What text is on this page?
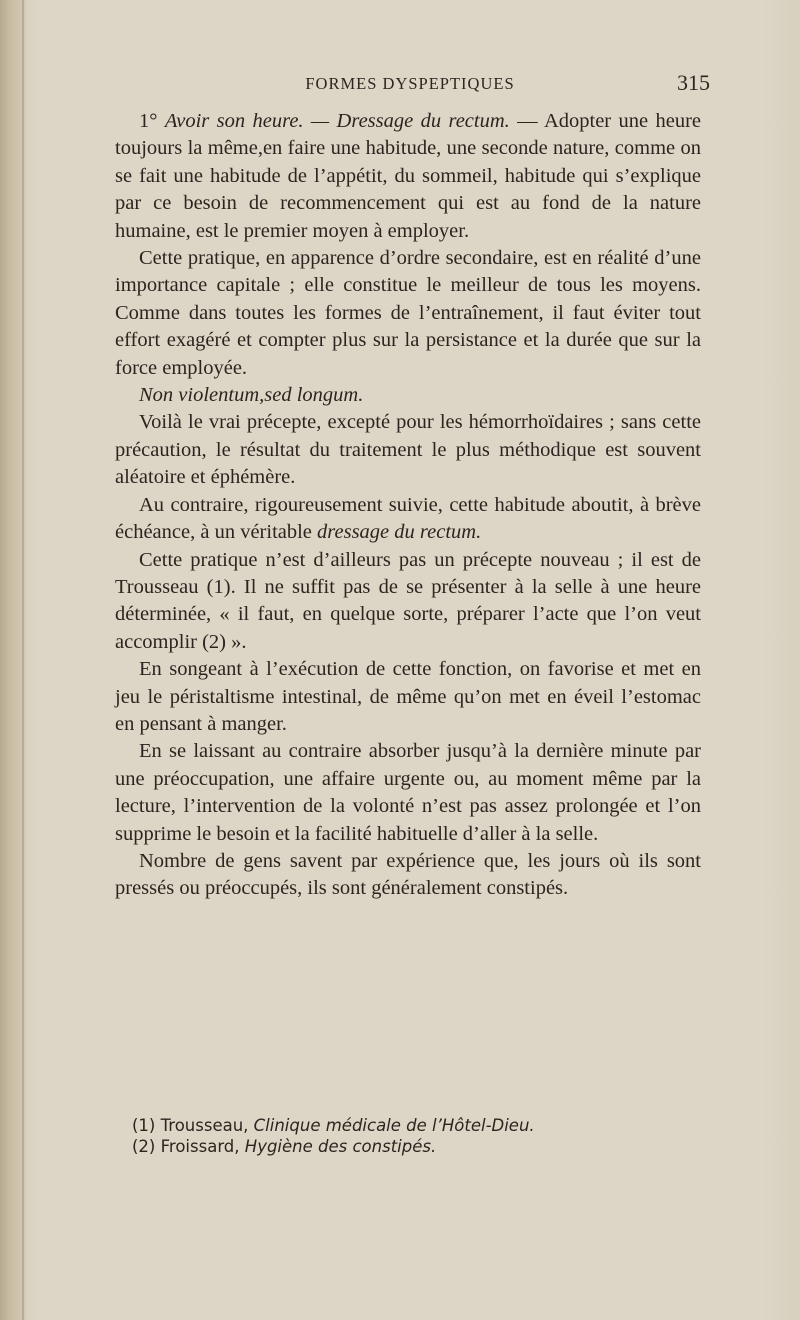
FORMES DYSPEPTIQUES	315

1° Avoir son heure. — Dressage du rectum. — Adopter une heure toujours la même,en faire une habitude, une seconde nature, comme on se fait une habitude de l’appétit, du sommeil, habitude qui s’explique par ce besoin de recommencement qui est au fond de la nature humaine, est le premier moyen à employer.

Cette pratique, en apparence d’ordre secondaire, est en réalité d’une importance capitale ; elle constitue le meilleur de tous les moyens. Comme dans toutes les formes de l’entraînement, il faut éviter tout effort exagéré et compter plus sur la persistance et la durée que sur la force employée.

Non violentum,sed longum.

Voilà le vrai précepte, excepté pour les hémorrhoïdaires ; sans cette précaution, le résultat du traitement le plus méthodique est souvent aléatoire et éphémère.

Au contraire, rigoureusement suivie, cette habitude aboutit, à brève échéance, à un véritable dressage du rectum.

Cette pratique n’est d’ailleurs pas un précepte nouveau ; il est de Trousseau (1). Il ne suffit pas de se présenter à la selle à une heure déterminée, « il faut, en quelque sorte, préparer l’acte que l’on veut accomplir (2) ».

En songeant à l’exécution de cette fonction, on favorise et met en jeu le péristaltisme intestinal, de même qu’on met en éveil l’estomac en pensant à manger.

En se laissant au contraire absorber jusqu’à la dernière minute par une préoccupation, une affaire urgente ou, au moment même par la lecture, l’intervention de la volonté n’est pas assez prolongée et l’on supprime le besoin et la facilité habituelle d’aller à la selle.

Nombre de gens savent par expérience que, les jours où ils sont pressés ou préoccupés, ils sont généralement constipés.

(1) Trousseau, Clinique médicale de l’Hôtel-Dieu.
(2) Froissard, Hygiène des constipés.
